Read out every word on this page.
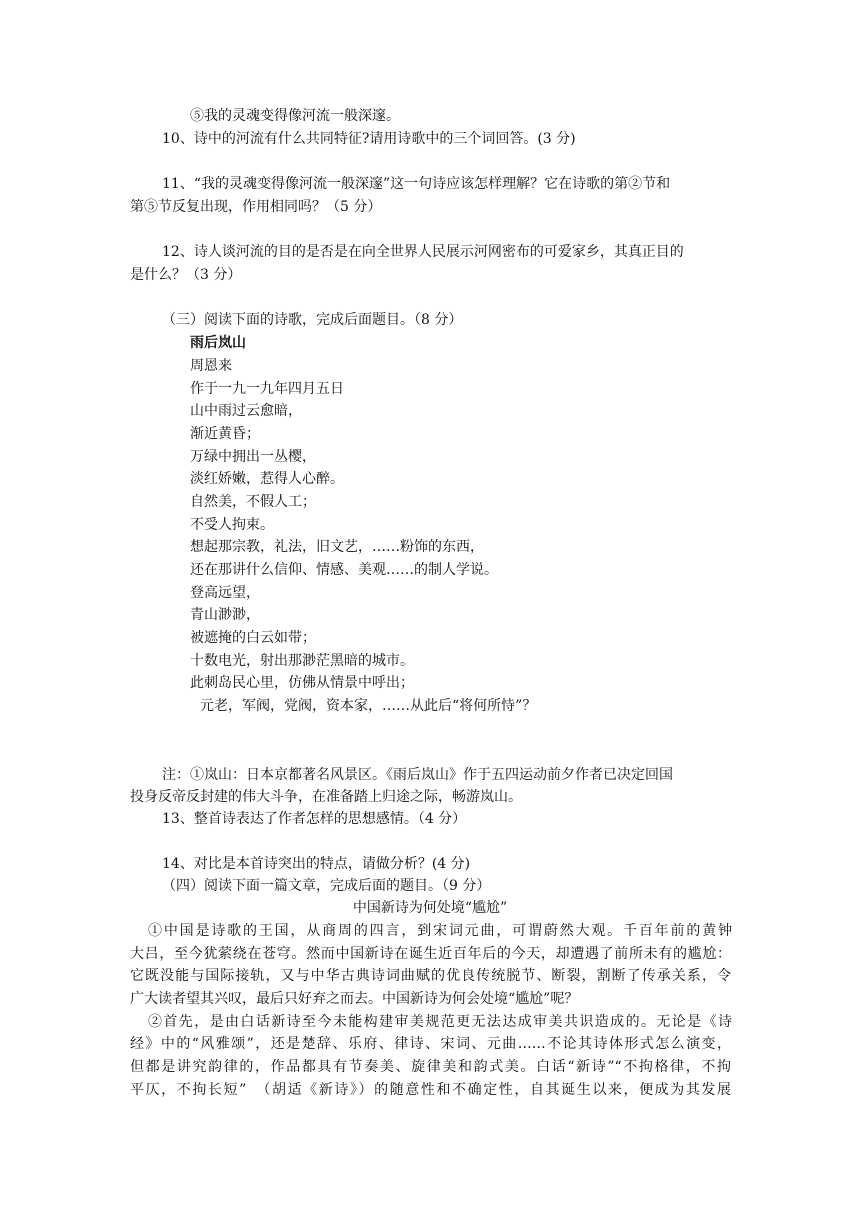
⑤我的灵魂变得像河流一般深邃。
10、诗中的河流有什么共同特征?请用诗歌中的三个词回答。(3 分)
11、“我的灵魂变得像河流一般深邃”这一句诗应该怎样理解？它在诗歌的第②节和
第⑤节反复出现，作用相同吗？（5 分）
12、诗人谈河流的目的是否是在向全世界人民展示河网密布的可爱家乡，其真正目的
是什么？（3 分）
（三）阅读下面的诗歌，完成后面题目。（8 分）
雨后岚山
周恩来
作于一九一九年四月五日
山中雨过云愈暗，
渐近黄昏；
万绿中拥出一丛樱，
淡红娇嫩，惹得人心醉。
自然美，不假人工；
不受人拘束。
想起那宗教，礼法，旧文艺，……粉饰的东西，
还在那讲什么信仰、情感、美观……的制人学说。
登高远望，
青山渺渺，
被遮掩的白云如带；
十数电光，射出那渺茫黑暗的城市。
此刺岛民心里，仿佛从情景中呼出；
元老，军阀，党阀，资本家，……从此后“将何所恃”？
注：①岚山：日本京都著名风景区。《雨后岚山》作于五四运动前夕作者已决定回国
投身反帝反封建的伟大斗争，在准备踏上归途之际，畅游岚山。
13、整首诗表达了作者怎样的思想感情。（4 分）
14、对比是本首诗突出的特点，请做分析？(4 分)
（四）阅读下面一篇文章，完成后面的题目。（9 分）
中国新诗为何处境“尴尬”
①中国是诗歌的王国，从商周的四言，到宋词元曲，可谓蔚然大观。千百年前的黄钟
大吕，至今犹萦绕在苍穹。然而中国新诗在诞生近百年后的今天，却遭遇了前所未有的尴尬：
它既没能与国际接轨，又与中华古典诗词曲赋的优良传统脱节、断裂，割断了传承关系，令
广大读者望其兴叹，最后只好弃之而去。中国新诗为何会处境“尴尬”呢？
②首先，是由白话新诗至今未能构建审美规范更无法达成审美共识造成的。无论是《诗
经》中的“风雅颂”，还是楚辞、乐府、律诗、宋词、元曲……不论其诗体形式怎么演变，
但都是讲究韵律的，作品都具有节奏美、旋律美和韵式美。白话“新诗”“不拘格律，不拘
平仄，不拘长短”　（胡适《新诗》）的随意性和不确定性，自其诞生以来，便成为其发展
